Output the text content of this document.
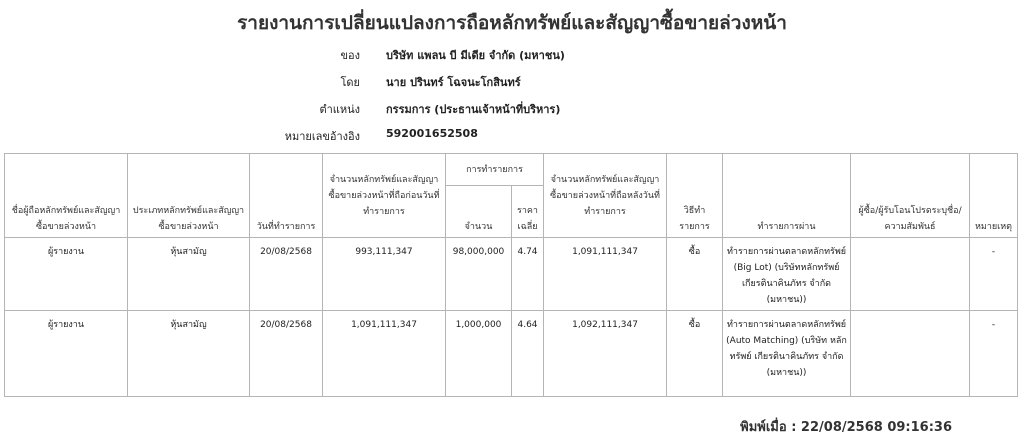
รายงานการเปลี่ยนแปลงการถือหลักทรัพย์และสัญญาซื้อขายล่วงหน้า
ของ บริษัท แพลน บี มีเดีย จำกัด (มหาชน)
โดย นาย ปรินทร์ โฉจนะโกสินทร์
ตำแหน่ง กรรมการ (ประธานเจ้าหน้าที่บริหาร)
หมายเลขอ้างอิง 592001652508
ชื่อผู้ถือหลักทรัพย์และสัญญาซื้อขายล่วงหน้า	ประเภทหลักทรัพย์และสัญญาซื้อขายล่วงหน้า	วันที่ทำรายการ	จำนวนหลักทรัพย์และสัญญาซื้อขายล่วงหน้าที่ถือก่อนวันที่ทำรายการ	การทำรายการ		จำนวนหลักทรัพย์และสัญญาซื้อขายล่วงหน้าที่ถือหลังวันที่ทำรายการ	วิธีทำรายการ	ทำรายการผ่าน	ผู้ซื้อ/ผู้รับโอนโปรดระบุชื่อ/ความสัมพันธ์	หมายเหตุ
				จำนวน	ราคาเฉลี่ย					
ผู้รายงาน	หุ้นสามัญ	20/08/2568	993,111,347	98,000,000	4.74	1,091,111,347	ซื้อ	ทำรายการผ่านตลาดหลักทรัพย์ (Big Lot) (บริษัทหลักทรัพย์ เกียรตินาคินภัทร จำกัด (มหาชน))		-
ผู้รายงาน	หุ้นสามัญ	20/08/2568	1,091,111,347	1,000,000	4.64	1,092,111,347	ซื้อ	ทำรายการผ่านตลาดหลักทรัพย์ (Auto Matching) (บริษัท หลักทรัพย์ เกียรตินาคินภัทร จำกัด (มหาชน))		-
พิมพ์เมื่อ : 22/08/2568 09:16:36
